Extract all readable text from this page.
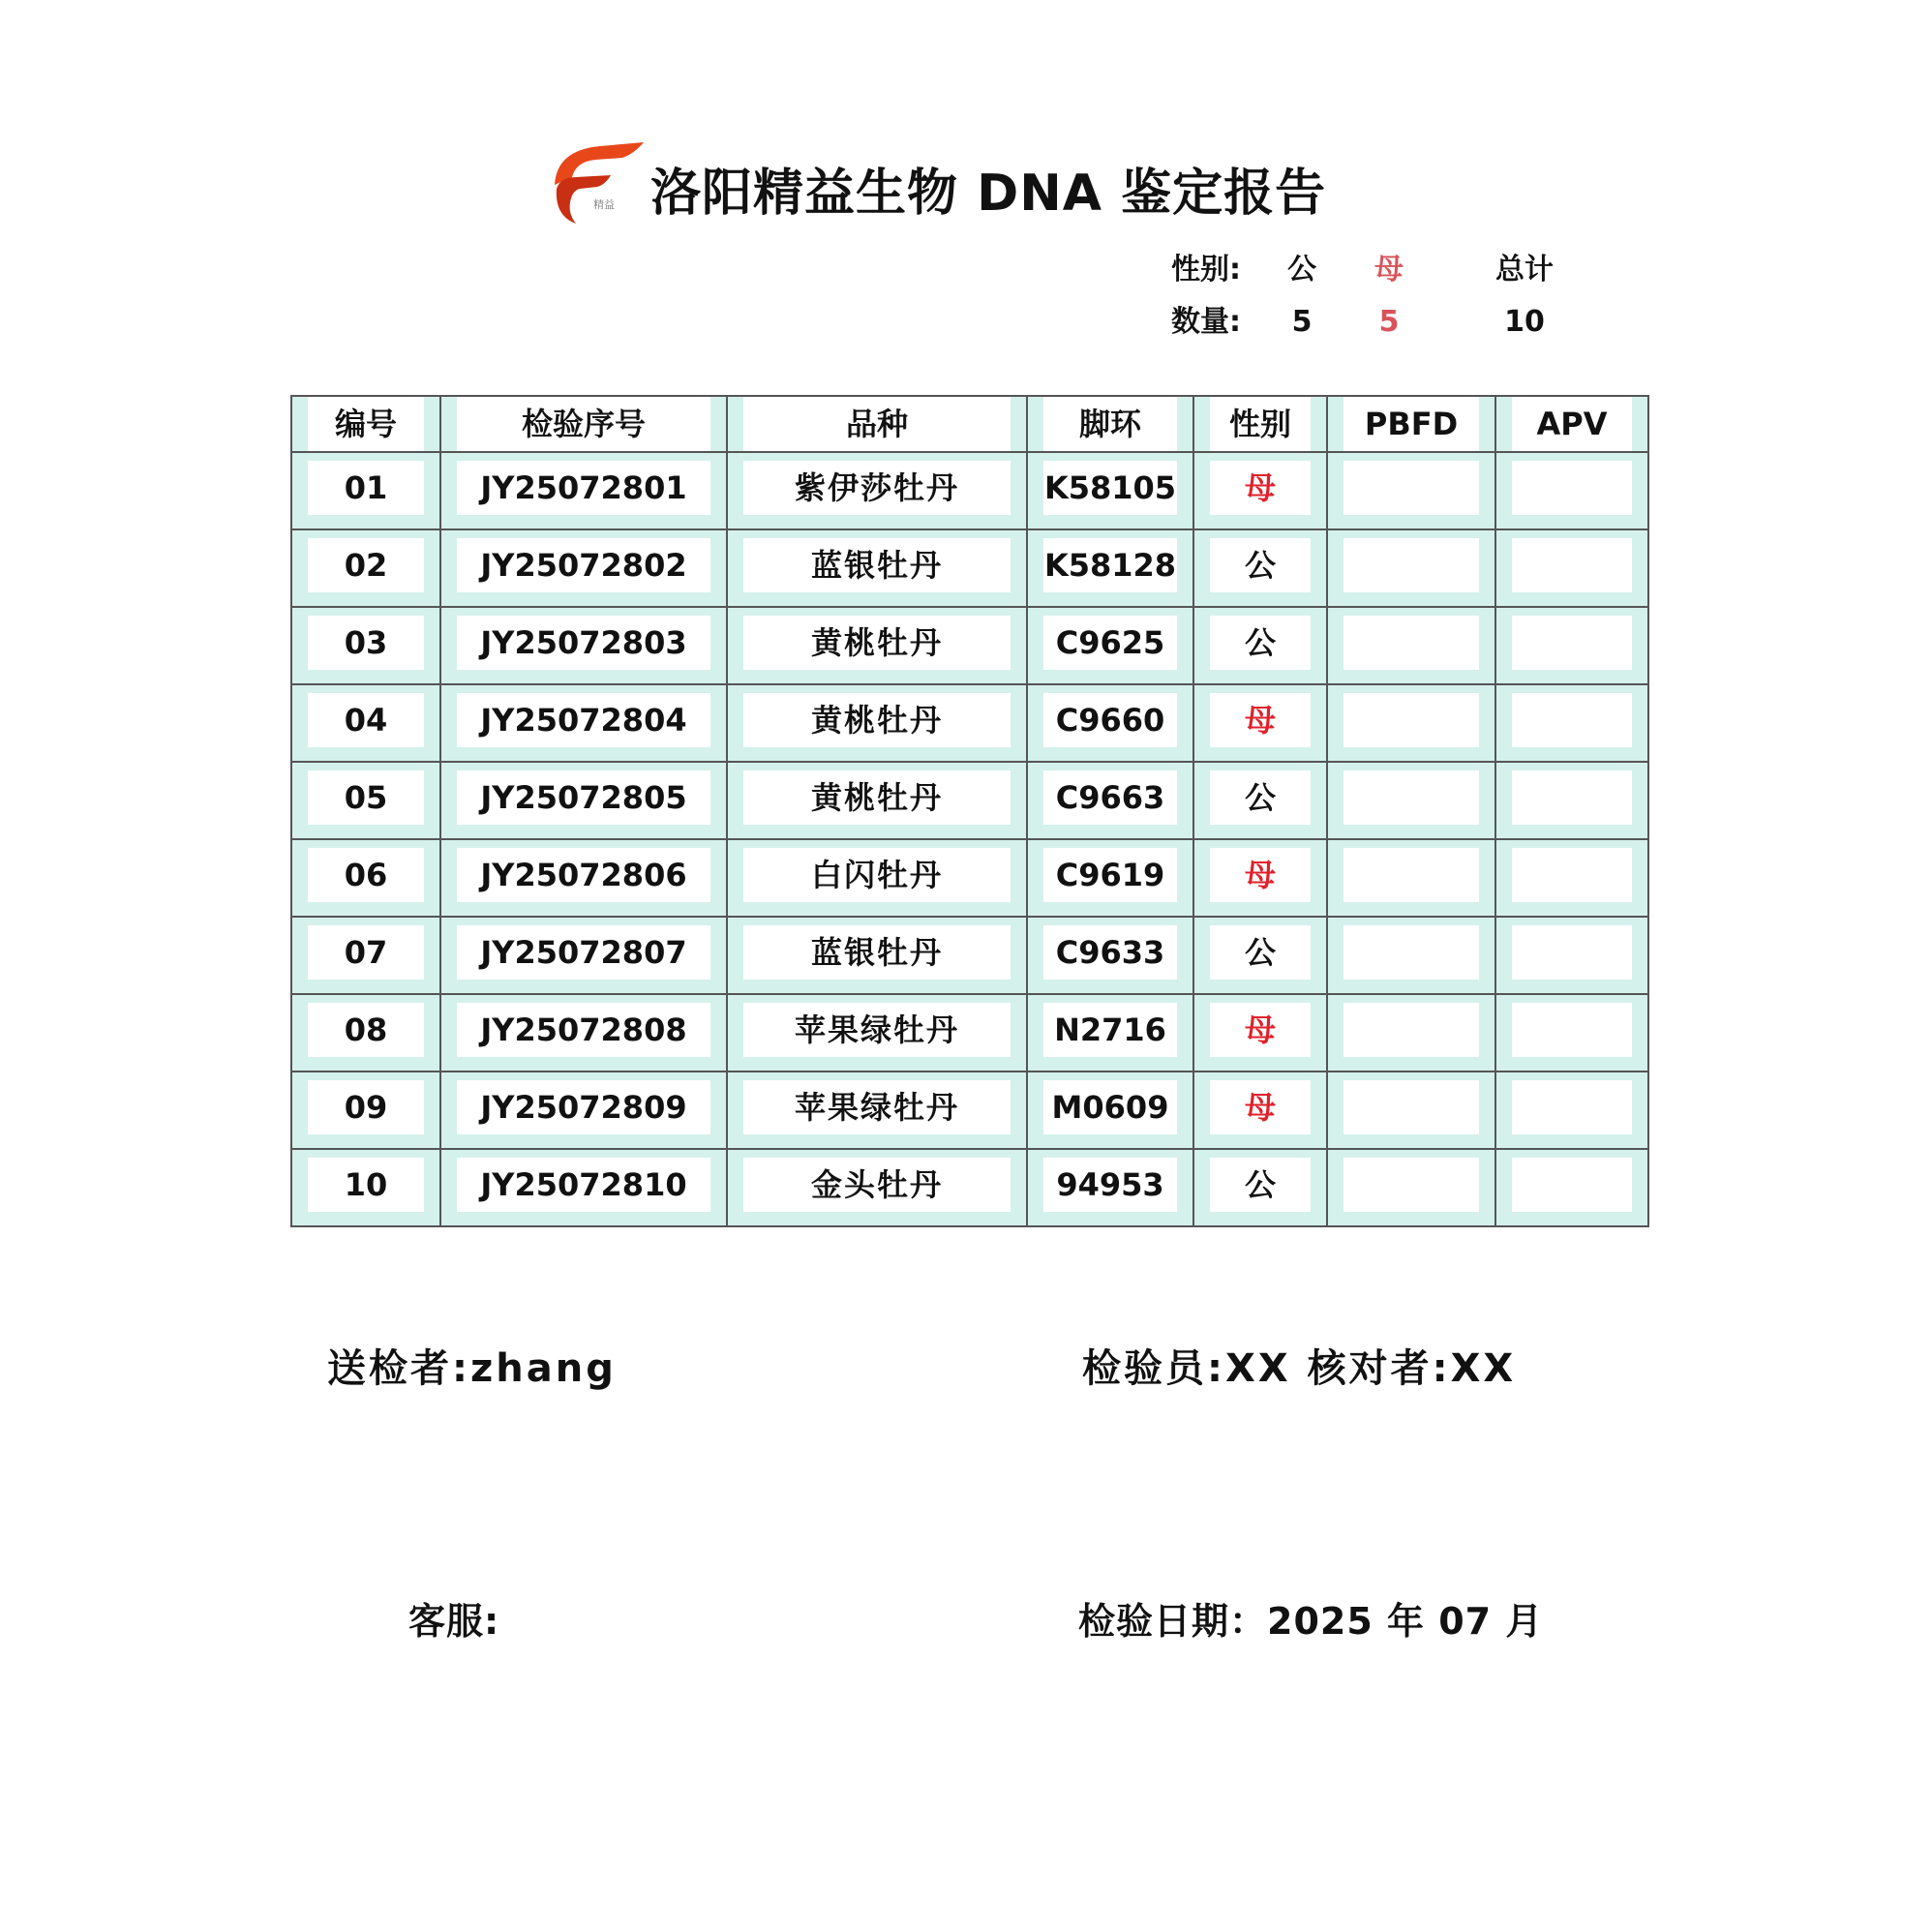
精益 洛阳精益生物 DNA 鉴定报告
性别:	公	母	总计
数量:	5	5	10
编号	检验序号	品种	脚环	性别	PBFD	APV

01	JY25072801	紫伊莎牡丹	K58105	母		

02	JY25072802	蓝银牡丹	K58128	公		

03	JY25072803	黄桃牡丹	C9625	公		

04	JY25072804	黄桃牡丹	C9660	母		

05	JY25072805	黄桃牡丹	C9663	公		

06	JY25072806	白闪牡丹	C9619	母		

07	JY25072807	蓝银牡丹	C9633	公		

08	JY25072808	苹果绿牡丹	N2716	母		

09	JY25072809	苹果绿牡丹	M0609	母		

10	JY25072810	金头牡丹	94953	公		

送检者:zhang	检验员:XX 核对者:XX
客服:	检验日期：2025 年 07 月
